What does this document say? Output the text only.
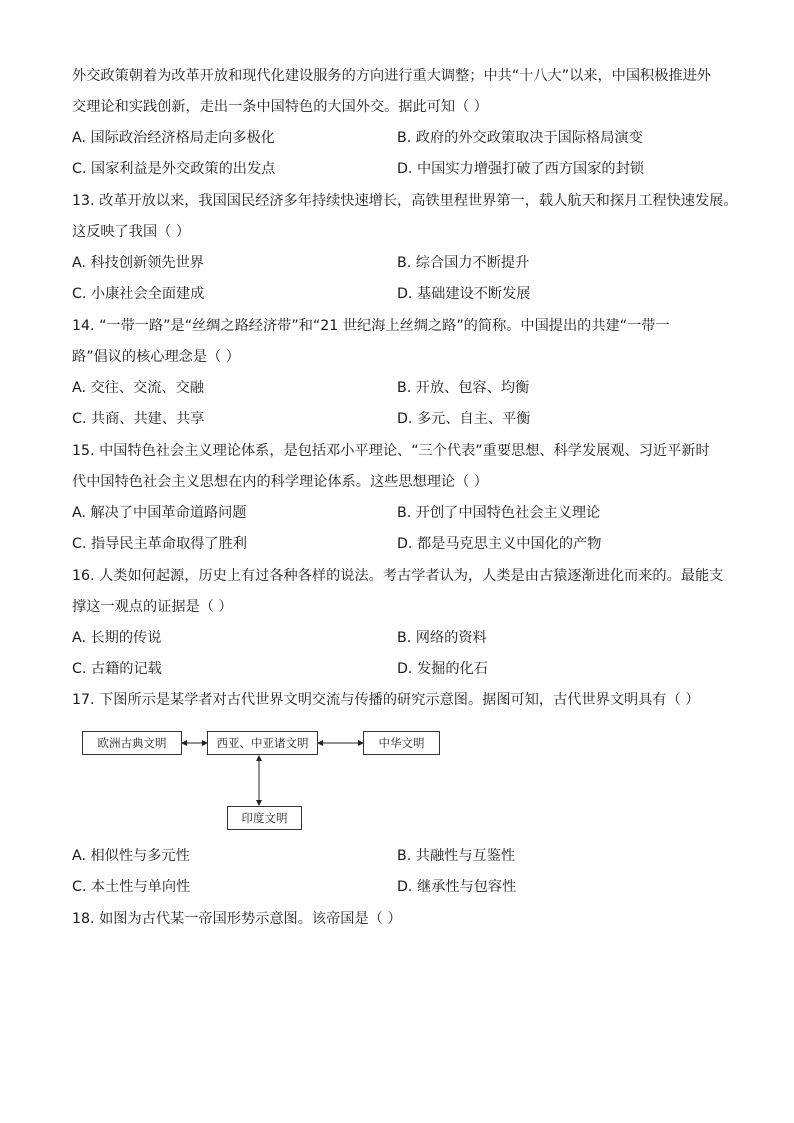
外交政策朝着为改革开放和现代化建设服务的方向进行重大调整；中共“十八大”以来，中国积极推进外
交理论和实践创新，走出一条中国特色的大国外交。据此可知（ ）
A. 国际政治经济格局走向多极化	B. 政府的外交政策取决于国际格局演变
C. 国家利益是外交政策的出发点	D. 中国实力增强打破了西方国家的封锁
13. 改革开放以来，我国国民经济多年持续快速增长，高铁里程世界第一，载人航天和探月工程快速发展。
这反映了我国（ ）
A. 科技创新领先世界	B. 综合国力不断提升
C. 小康社会全面建成	D. 基础建设不断发展
14. “一带一路”是“丝绸之路经济带”和“21 世纪海上丝绸之路”的简称。中国提出的共建“一带一
路”倡议的核心理念是（ ）
A. 交往、交流、交融	B. 开放、包容、均衡
C. 共商、共建、共享	D. 多元、自主、平衡
15. 中国特色社会主义理论体系，是包括邓小平理论、“三个代表”重要思想、科学发展观、习近平新时
代中国特色社会主义思想在内的科学理论体系。这些思想理论（ ）
A. 解决了中国革命道路问题	B. 开创了中国特色社会主义理论
C. 指导民主革命取得了胜利	D. 都是马克思主义中国化的产物
16. 人类如何起源，历史上有过各种各样的说法。考古学者认为，人类是由古猿逐渐进化而来的。最能支
撑这一观点的证据是（ ）
A. 长期的传说	B. 网络的资料
C. 古籍的记载	D. 发掘的化石
17. 下图所示是某学者对古代世界文明交流与传播的研究示意图。据图可知，古代世界文明具有（ ）
欧洲古典文明	西亚、中亚诸文明	中华文明
印度文明
A. 相似性与多元性	B. 共融性与互鉴性
C. 本土性与单向性	D. 继承性与包容性
18. 如图为古代某一帝国形势示意图。该帝国是（ ）
